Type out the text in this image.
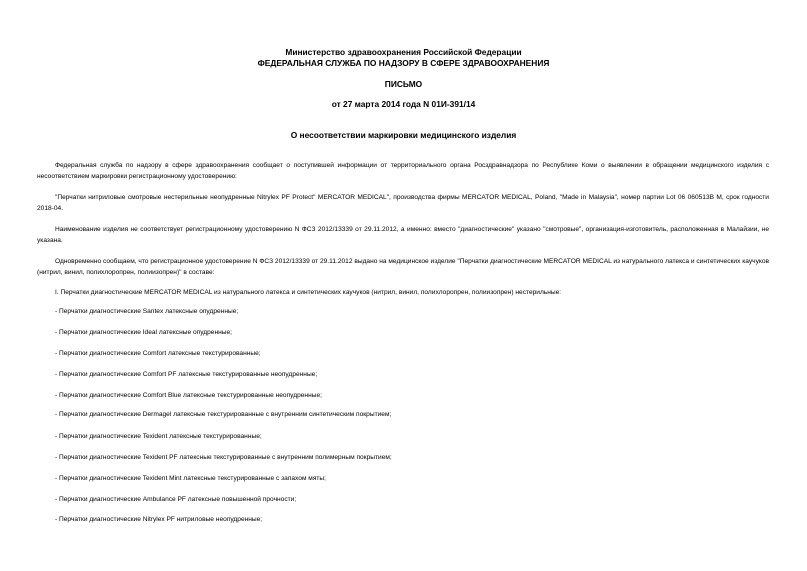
Министерство здравоохранения Российской Федерации
ФЕДЕРАЛЬНАЯ СЛУЖБА ПО НАДЗОРУ В СФЕРЕ ЗДРАВООХРАНЕНИЯ
ПИСЬМО
от 27 марта 2014 года N 01И-391/14
О несоответствии маркировки медицинского изделия
Федеральная служба по надзору в сфере здравоохранения сообщает о поступившей информации от территориального органа Росздравнадзора по Республике Коми о выявлении в обращении медицинского изделия с несоответствием маркировки регистрационному удостоверению:
"Перчатки нитриловые смотровые нестерильные неопудренные Nitrylex PF Protect" MERCATOR MEDICAL", производства фирмы MERCATOR MEDICAL, Poland, "Made in Malaysia", номер партии Lot 06 060513В М, срок годности 2018-04.
Наименование изделия не соответствует регистрационному удостоверению N ФСЗ 2012/13339 от 29.11.2012, а именно: вместо "диагностические" указано "смотровые", организация-изготовитель, расположенная в Малайзии, не указана.
Одновременно сообщаем, что регистрационное удостоверение N ФСЗ 2012/13339 от 29.11.2012 выдано на медицинское изделие "Перчатки диагностические MERCATOR MEDICAL из натурального латекса и синтетических каучуков (нитрил, винил, полихлоропрен, полиизопрен)" в составе:
I. Перчатки диагностические MERCATOR MEDICAL из натурального латекса и синтетических каучуков (нитрил, винил, полихлоропрен, полиизопрен) нестерильные:
- Перчатки диагностические Santex латексные опудренные;
- Перчатки диагностические Ideal латексные опудренные;
- Перчатки диагностические Comfort латексные текстурированные;
- Перчатки диагностические Comfort PF латексные текстурированные неопудренные;
- Перчатки диагностические Comfort Blue латексные текстурированные неопудренные;
- Перчатки диагностические Dermagel латексные текстурированные с внутренним синтетическим покрытием;
- Перчатки диагностические Texident латексные текстурированные;
- Перчатки диагностические Texident PF латексные текстурированные с внутренним полимерным покрытием;
- Перчатки диагностические Texident Mint латексные текстурированные с запахом мяты;
- Перчатки диагностические Ambulance PF латексные повышенной прочности;
- Перчатки диагностические Nitrylex PF нитриловые неопудренные;
